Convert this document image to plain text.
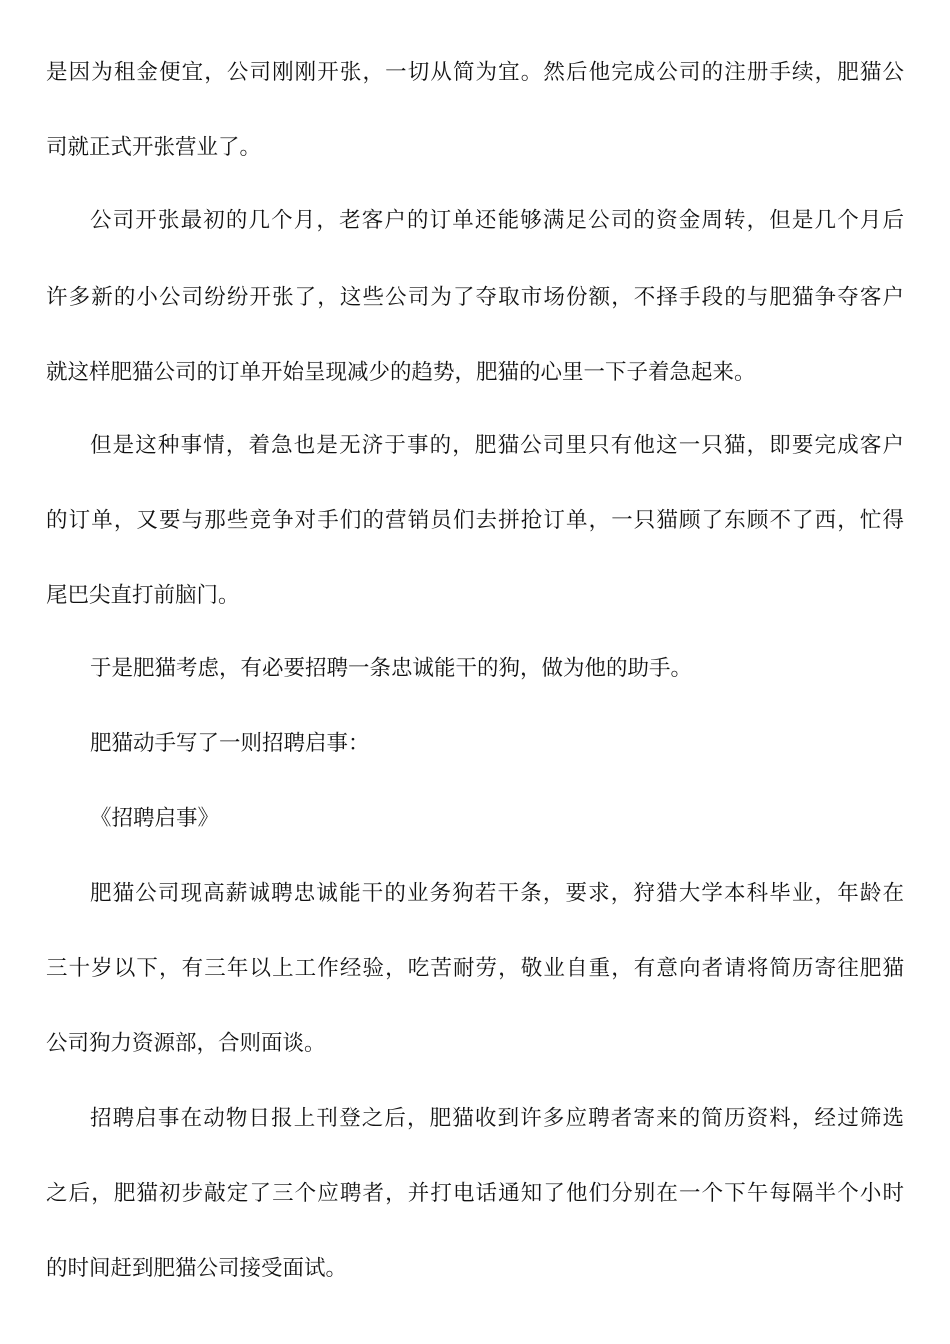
是因为租金便宜，公司刚刚开张，一切从简为宜。然后他完成公司的注册手续，肥猫公
司就正式开张营业了。
公司开张最初的几个月，老客户的订单还能够满足公司的资金周转，但是几个月后
许多新的小公司纷纷开张了，这些公司为了夺取市场份额，不择手段的与肥猫争夺客户
就这样肥猫公司的订单开始呈现减少的趋势，肥猫的心里一下子着急起来。
但是这种事情，着急也是无济于事的，肥猫公司里只有他这一只猫，即要完成客户
的订单，又要与那些竞争对手们的营销员们去拼抢订单，一只猫顾了东顾不了西，忙得
尾巴尖直打前脑门。
于是肥猫考虑，有必要招聘一条忠诚能干的狗，做为他的助手。
肥猫动手写了一则招聘启事：
《招聘启事》
肥猫公司现高薪诚聘忠诚能干的业务狗若干条，要求，狩猎大学本科毕业，年龄在
三十岁以下，有三年以上工作经验，吃苦耐劳，敬业自重，有意向者请将简历寄往肥猫
公司狗力资源部，合则面谈。
招聘启事在动物日报上刊登之后，肥猫收到许多应聘者寄来的简历资料，经过筛选
之后，肥猫初步敲定了三个应聘者，并打电话通知了他们分别在一个下午每隔半个小时
的时间赶到肥猫公司接受面试。
